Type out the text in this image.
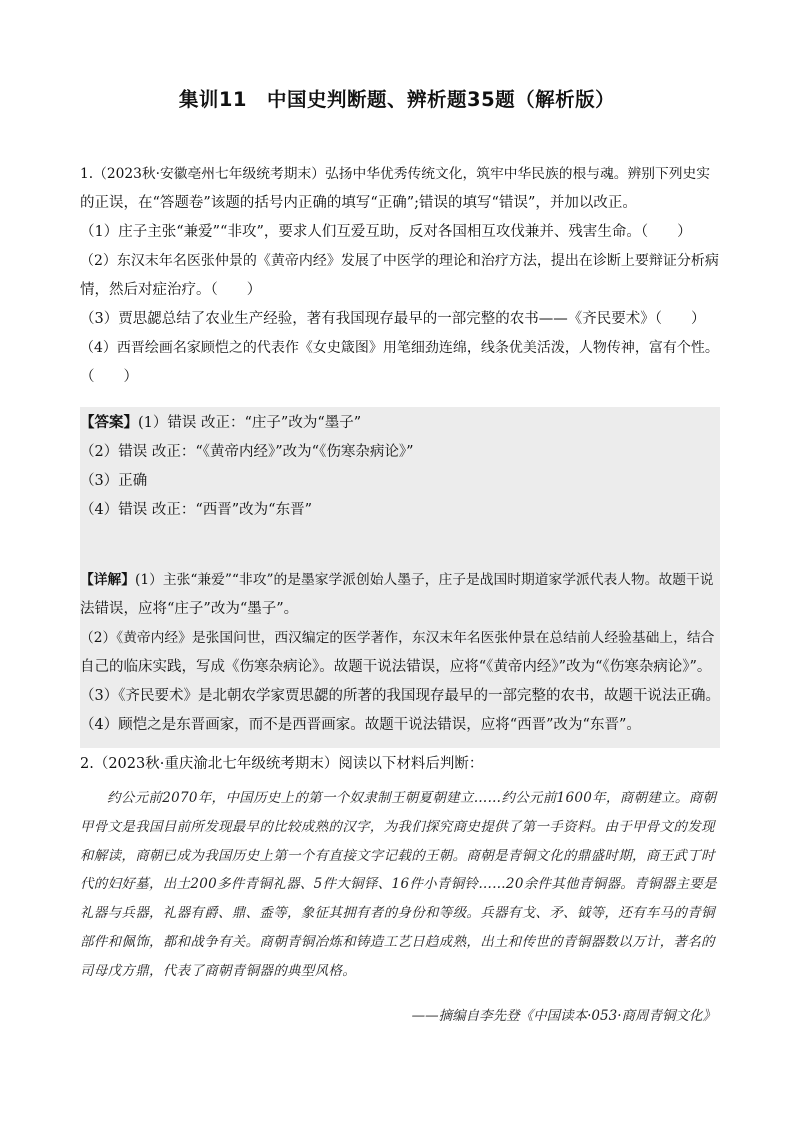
集训11　中国史判断题、辨析题35题（解析版）

1.（2023秋·安徽亳州七年级统考期末）弘扬中华优秀传统文化，筑牢中华民族的根与魂。辨别下列史实

的正误，在“答题卷”该题的括号内正确的填写“正确”;错误的填写“错误”，并加以改正。

（1）庄子主张“兼爱”“非攻”，要求人们互爱互助，反对各国相互攻伐兼并、残害生命。（　　）

（2）东汉末年名医张仲景的《黄帝内经》发展了中医学的理论和治疗方法，提出在诊断上要辩证分析病

情，然后对症治疗。（　　）

（3）贾思勰总结了农业生产经验，著有我国现存最早的一部完整的农书——《齐民要术》（　　）

（4）西晋绘画名家顾恺之的代表作《女史箴图》用笔细劲连绵，线条优美活泼，人物传神，富有个性。

（　　）

【答案】(1）错误 改正：“庄子”改为“墨子”

（2）错误 改正：“《黄帝内经》”改为“《伤寒杂病论》”

（3）正确

（4）错误 改正：“西晋”改为“东晋”

【详解】(1）主张“兼爱”“非攻”的是墨家学派创始人墨子，庄子是战国时期道家学派代表人物。故题干说

法错误，应将“庄子”改为“墨子”。

（2）《黄帝内经》是张国问世，西汉编定的医学著作，东汉末年名医张仲景在总结前人经验基础上，结合

自己的临床实践，写成《伤寒杂病论》。故题干说法错误，应将“《黄帝内经》”改为“《伤寒杂病论》”。

（3）《齐民要术》是北朝农学家贾思勰的所著的我国现存最早的一部完整的农书，故题干说法正确。

（4）顾恺之是东晋画家，而不是西晋画家。故题干说法错误，应将“西晋”改为“东晋”。

2.（2023秋·重庆渝北七年级统考期末）阅读以下材料后判断：

约公元前2070年，中国历史上的第一个奴隶制王朝夏朝建立……约公元前1600年，商朝建立。商朝

甲骨文是我国目前所发现最早的比较成熟的汉字，为我们探究商史提供了第一手资料。由于甲骨文的发现

和解读，商朝已成为我国历史上第一个有直接文字记载的王朝。商朝是青铜文化的鼎盛时期，商王武丁时

代的妇好墓，出土200多件青铜礼器、5件大铜铎、16件小青铜铃……20余件其他青铜器。青铜器主要是

礼器与兵器，礼器有爵、鼎、盉等，象征其拥有者的身份和等级。兵器有戈、矛、钺等，还有车马的青铜

部件和佩饰，都和战争有关。商朝青铜冶炼和铸造工艺日趋成熟，出土和传世的青铜器数以万计，著名的

司母戊方鼎，代表了商朝青铜器的典型风格。

——摘编自李先登《中国读本·053·商周青铜文化》
